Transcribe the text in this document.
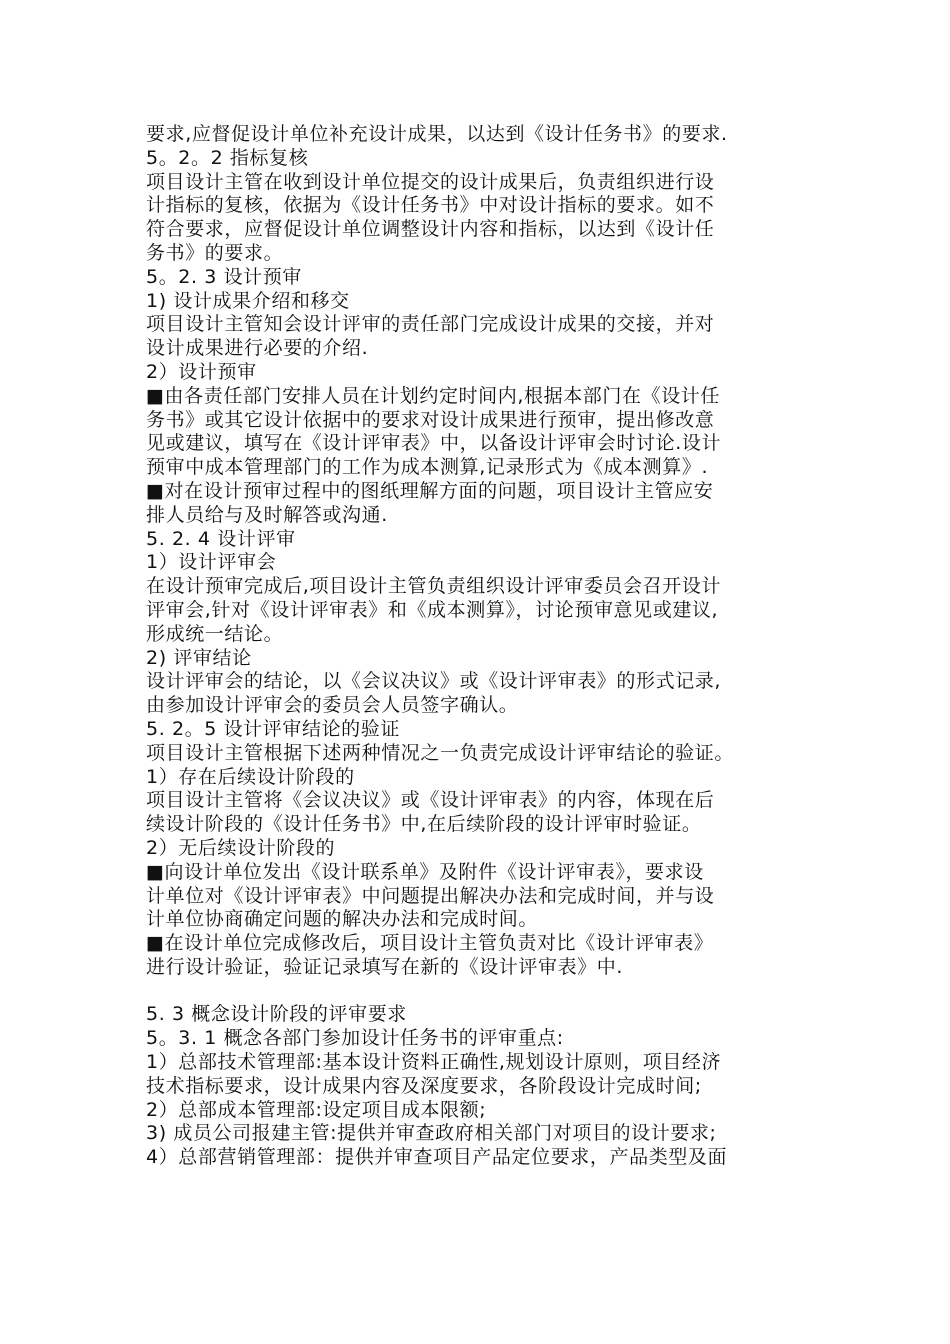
要求,应督促设计单位补充设计成果，以达到《设计任务书》的要求.
5。2。2 指标复核
项目设计主管在收到设计单位提交的设计成果后，负责组织进行设
计指标的复核，依据为《设计任务书》中对设计指标的要求。如不
符合要求，应督促设计单位调整设计内容和指标，以达到《设计任
务书》的要求。
5。2. 3 设计预审
1) 设计成果介绍和移交
项目设计主管知会设计评审的责任部门完成设计成果的交接，并对
设计成果进行必要的介绍.
2）设计预审
■由各责任部门安排人员在计划约定时间内,根据本部门在《设计任
务书》或其它设计依据中的要求对设计成果进行预审，提出修改意
见或建议，填写在《设计评审表》中，以备设计评审会时讨论.设计
预审中成本管理部门的工作为成本测算,记录形式为《成本测算》.
■对在设计预审过程中的图纸理解方面的问题，项目设计主管应安
排人员给与及时解答或沟通.
5. 2. 4 设计评审
1）设计评审会
在设计预审完成后,项目设计主管负责组织设计评审委员会召开设计
评审会,针对《设计评审表》和《成本测算》，讨论预审意见或建议,
形成统一结论。
2) 评审结论
设计评审会的结论，以《会议决议》或《设计评审表》的形式记录,
由参加设计评审会的委员会人员签字确认。
5. 2。5 设计评审结论的验证
项目设计主管根据下述两种情况之一负责完成设计评审结论的验证。
1）存在后续设计阶段的
项目设计主管将《会议决议》或《设计评审表》的内容，体现在后
续设计阶段的《设计任务书》中,在后续阶段的设计评审时验证。
2）无后续设计阶段的
■向设计单位发出《设计联系单》及附件《设计评审表》，要求设
计单位对《设计评审表》中问题提出解决办法和完成时间，并与设
计单位协商确定问题的解决办法和完成时间。
■在设计单位完成修改后，项目设计主管负责对比《设计评审表》
进行设计验证，验证记录填写在新的《设计评审表》中.
5. 3 概念设计阶段的评审要求
5。3. 1 概念各部门参加设计任务书的评审重点:
1）总部技术管理部:基本设计资料正确性,规划设计原则，项目经济
技术指标要求，设计成果内容及深度要求，各阶段设计完成时间;
2）总部成本管理部:设定项目成本限额;
3) 成员公司报建主管:提供并审查政府相关部门对项目的设计要求;
4）总部营销管理部：提供并审查项目产品定位要求，产品类型及面
